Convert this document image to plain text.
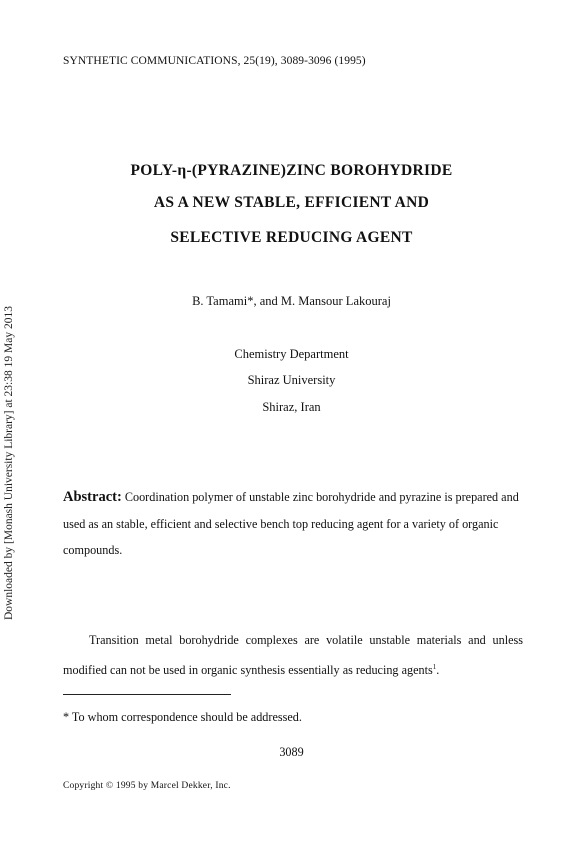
SYNTHETIC COMMUNICATIONS, 25(19), 3089-3096 (1995)
Downloaded by [Monash University Library] at 23:38 19 May 2013
POLY-η-(PYRAZINE)ZINC BOROHYDRIDE
AS A NEW STABLE, EFFICIENT AND
SELECTIVE REDUCING AGENT
B. Tamami*, and M. Mansour Lakouraj
Chemistry Department
Shiraz University
Shiraz, Iran
Abstract: Coordination polymer of unstable zinc borohydride and pyrazine is prepared and used as an stable, efficient and selective bench top reducing agent for a variety of organic compounds.
Transition metal borohydride complexes are volatile unstable materials and unless modified can not be used in organic synthesis essentially as reducing agents$^1$.
* To whom correspondence should be addressed.
3089
Copyright © 1995 by Marcel Dekker, Inc.
